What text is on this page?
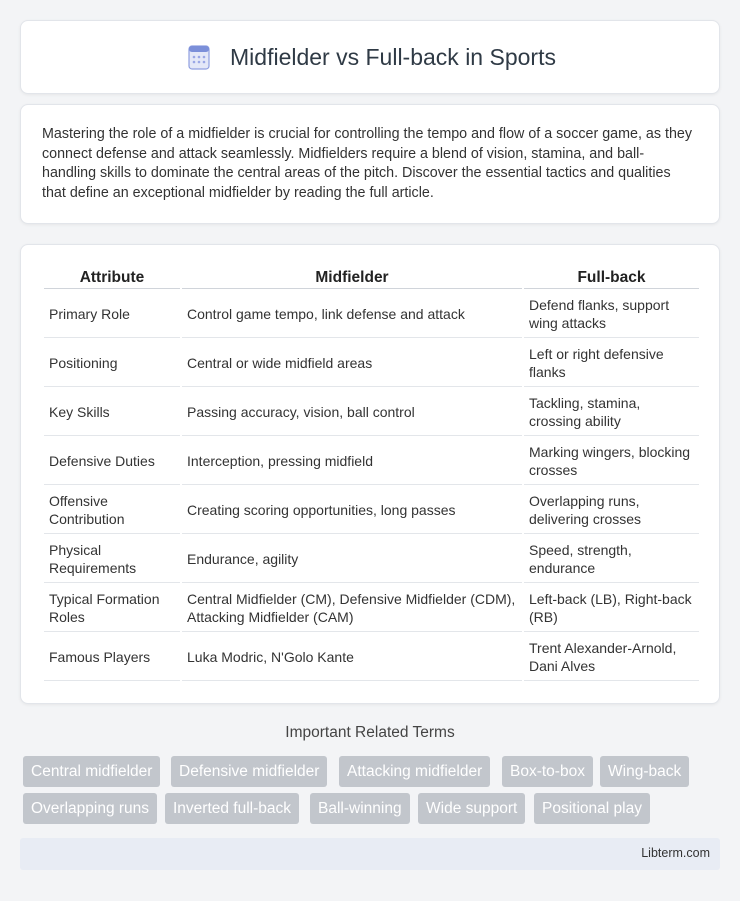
Midfielder vs Full-back in Sports

Mastering the role of a midfielder is crucial for controlling the tempo and flow of a soccer game, as they connect defense and attack seamlessly. Midfielders require a blend of vision, stamina, and ball-handling skills to dominate the central areas of the pitch. Discover the essential tactics and qualities that define an exceptional midfielder by reading the full article.

Attribute	Midfielder	Full-back
Primary Role	Control game tempo, link defense and attack	Defend flanks, support wing attacks
Positioning	Central or wide midfield areas	Left or right defensive flanks
Key Skills	Passing accuracy, vision, ball control	Tackling, stamina, crossing ability
Defensive Duties	Interception, pressing midfield	Marking wingers, blocking crosses
Offensive Contribution	Creating scoring opportunities, long passes	Overlapping runs, delivering crosses
Physical Requirements	Endurance, agility	Speed, strength, endurance
Typical Formation Roles	Central Midfielder (CM), Defensive Midfielder (CDM), Attacking Midfielder (CAM)	Left-back (LB), Right-back (RB)
Famous Players	Luka Modric, N'Golo Kante	Trent Alexander-Arnold, Dani Alves
Important Related Terms
Central midfielder	Defensive midfielder	Attacking midfielder	Box-to-box	Wing-back
Overlapping runs	Inverted full-back	Ball-winning	Wide support	Positional play
Libterm.com
